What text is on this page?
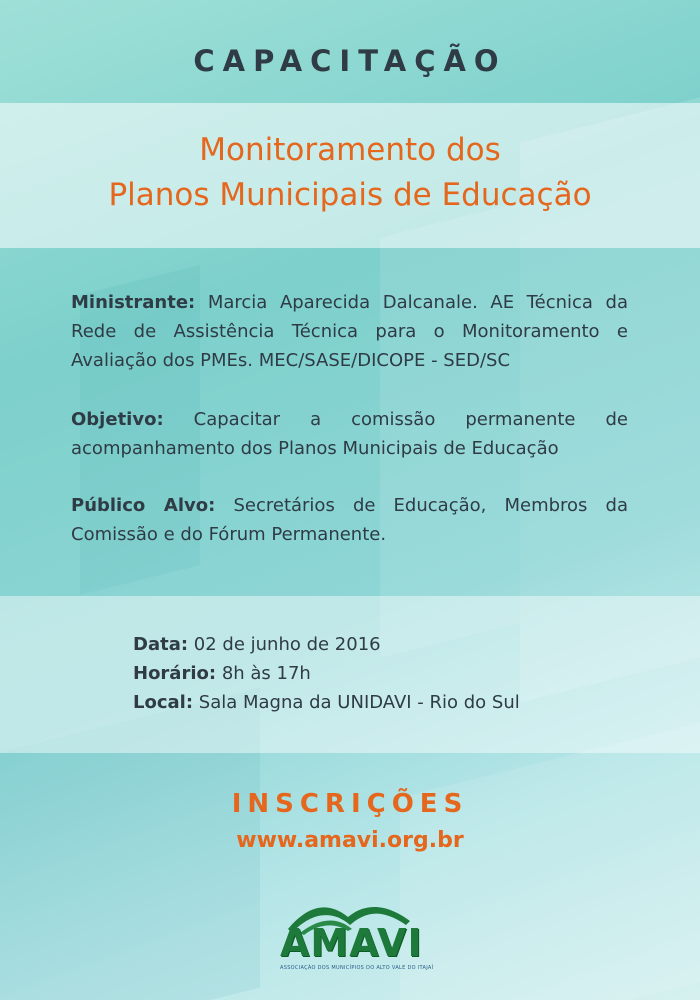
CAPACITAÇÃO
Monitoramento dos
Planos Municipais de Educação
Ministrante: Marcia Aparecida Dalcanale. AE Técnica da Rede de Assistência Técnica para o Monitoramento e Avaliação dos PMEs. MEC/SASE/DICOPE - SED/SC
Objetivo: Capacitar a comissão permanente de acompanhamento dos Planos Municipais de Educação
Público Alvo: Secretários de Educação, Membros da Comissão e do Fórum Permanente.
Data: 02 de junho de 2016
Horário: 8h às 17h
Local: Sala Magna da UNIDAVI - Rio do Sul
INSCRIÇÕES
www.amavi.org.br
AMAVI
ASSOCIAÇÃO DOS MUNICÍPIOS DO ALTO VALE DO ITAJAÍ
